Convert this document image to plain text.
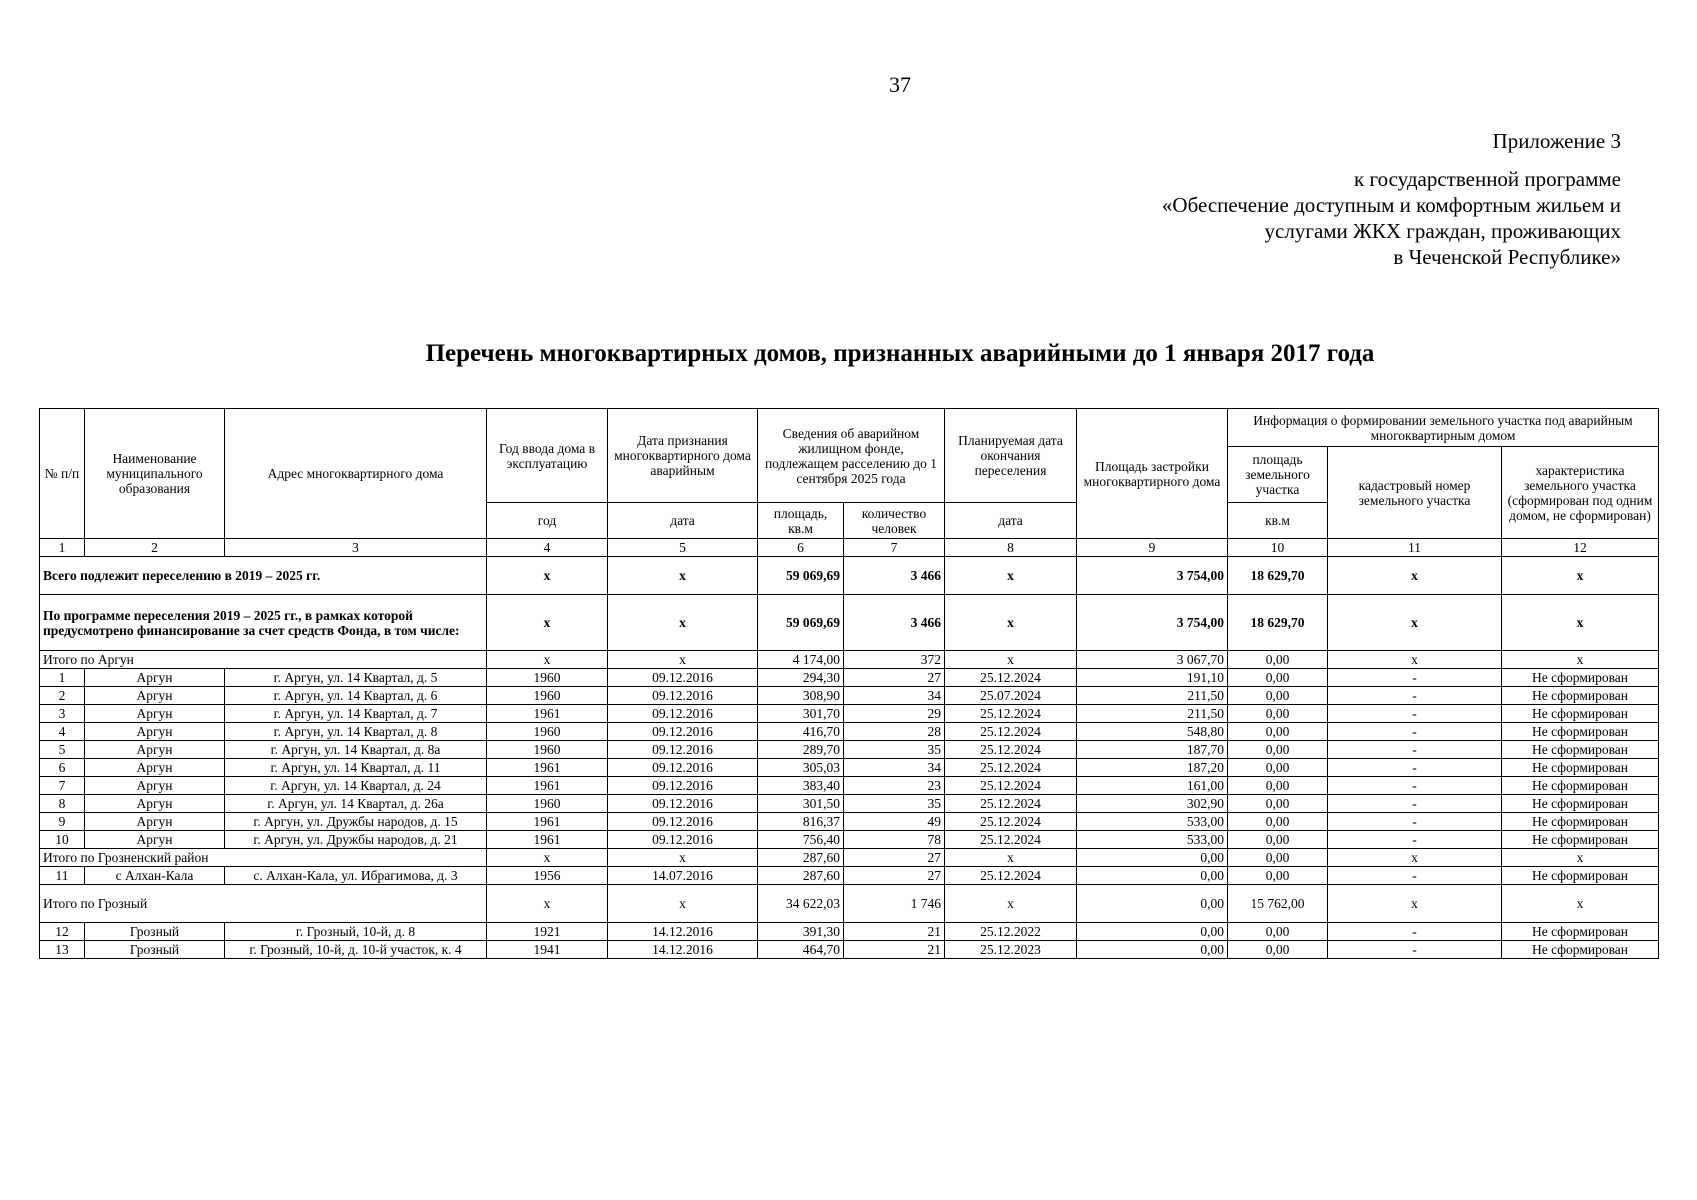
37
Приложение 3
к государственной программе
«Обеспечение доступным и комфортным жильем и
услугами ЖКХ граждан, проживающих
в Чеченской Республике»
Перечень многоквартирных домов, признанных аварийными до 1 января 2017 года
№ п/п	Наименование муниципального образования	Адрес многоквартирного дома	Год ввода дома в эксплуатацию	Дата признания многоквартирного дома аварийным	Сведения об аварийном жилищном фонде, подлежащем расселению до 1 сентября 2025 года		Планируемая дата окончания переселения	Площадь застройки многоквартирного дома	Информация о формировании земельного участка под аварийным многоквартирным домом		
									площадь земельного участка	кадастровый номер земельного участка	характеристика земельного участка (сформирован под одним домом, не сформирован)
			год	дата	площадь, кв.м	количество человек	дата		кв.м		
1	2	3	4	5	6	7	8	9	10	11	12
Всего подлежит переселению в 2019 – 2025 гг.			x	x	59 069,69	3 466	x	3 754,00	18 629,70	x	x
По программе переселения 2019 – 2025 гг., в рамках которой предусмотрено финансирование за счет средств Фонда, в том числе:			x	x	59 069,69	3 466	x	3 754,00	18 629,70	x	x
Итого по Аргун			x	x	4 174,00	372	x	3 067,70	0,00	x	x
1	Аргун	г. Аргун, ул. 14 Квартал, д. 5	1960	09.12.2016	294,30	27	25.12.2024	191,10	0,00	-	Не сформирован
2	Аргун	г. Аргун, ул. 14 Квартал, д. 6	1960	09.12.2016	308,90	34	25.07.2024	211,50	0,00	-	Не сформирован
3	Аргун	г. Аргун, ул. 14 Квартал, д. 7	1961	09.12.2016	301,70	29	25.12.2024	211,50	0,00	-	Не сформирован
4	Аргун	г. Аргун, ул. 14 Квартал, д. 8	1960	09.12.2016	416,70	28	25.12.2024	548,80	0,00	-	Не сформирован
5	Аргун	г. Аргун, ул. 14 Квартал, д. 8а	1960	09.12.2016	289,70	35	25.12.2024	187,70	0,00	-	Не сформирован
6	Аргун	г. Аргун, ул. 14 Квартал, д. 11	1961	09.12.2016	305,03	34	25.12.2024	187,20	0,00	-	Не сформирован
7	Аргун	г. Аргун, ул. 14 Квартал, д. 24	1961	09.12.2016	383,40	23	25.12.2024	161,00	0,00	-	Не сформирован
8	Аргун	г. Аргун, ул. 14 Квартал, д. 26а	1960	09.12.2016	301,50	35	25.12.2024	302,90	0,00	-	Не сформирован
9	Аргун	г. Аргун, ул. Дружбы народов, д. 15	1961	09.12.2016	816,37	49	25.12.2024	533,00	0,00	-	Не сформирован
10	Аргун	г. Аргун, ул. Дружбы народов, д. 21	1961	09.12.2016	756,40	78	25.12.2024	533,00	0,00	-	Не сформирован
Итого по Грозненский район			x	x	287,60	27	x	0,00	0,00	x	x
11	с Алхан-Кала	с. Алхан-Кала, ул. Ибрагимова, д. 3	1956	14.07.2016	287,60	27	25.12.2024	0,00	0,00	-	Не сформирован
Итого по Грозный			x	x	34 622,03	1 746	x	0,00	15 762,00	x	x
12	Грозный	г. Грозный, 10-й, д. 8	1921	14.12.2016	391,30	21	25.12.2022	0,00	0,00	-	Не сформирован
13	Грозный	г. Грозный, 10-й, д. 10-й участок, к. 4	1941	14.12.2016	464,70	21	25.12.2023	0,00	0,00	-	Не сформирован
